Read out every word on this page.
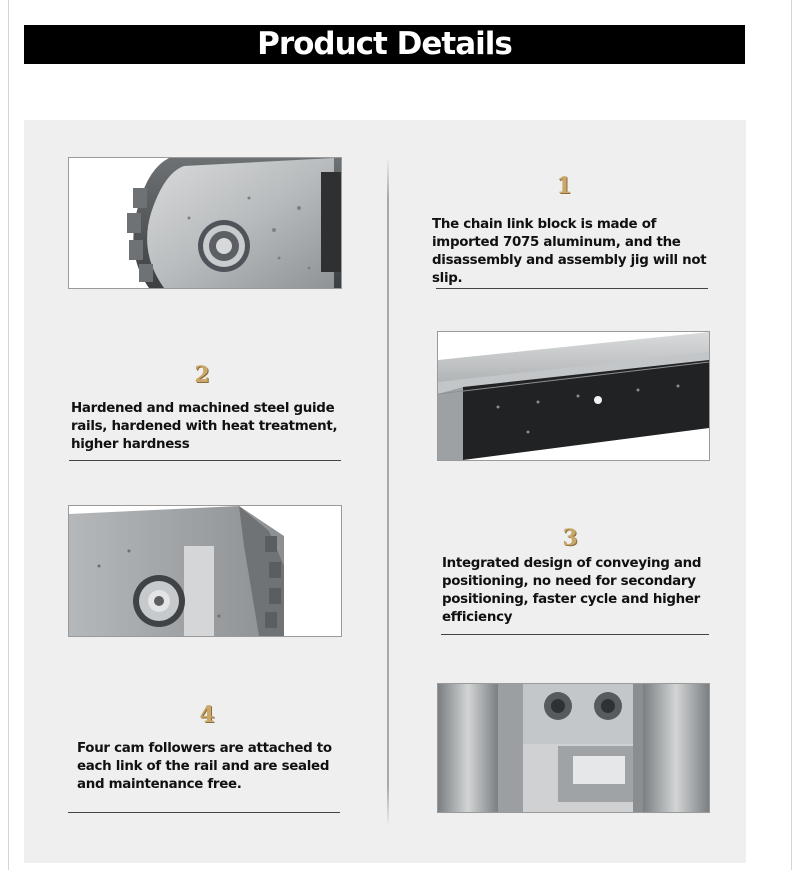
Product Details
1
The chain link block is made of imported 7075 aluminum, and the disassembly and assembly jig will not slip.
2
Hardened and machined steel guide rails, hardened with heat treatment, higher hardness
3
Integrated design of conveying and positioning, no need for secondary positioning, faster cycle and higher efficiency
4
Four cam followers are attached to each link of the rail and are sealed and maintenance free.
